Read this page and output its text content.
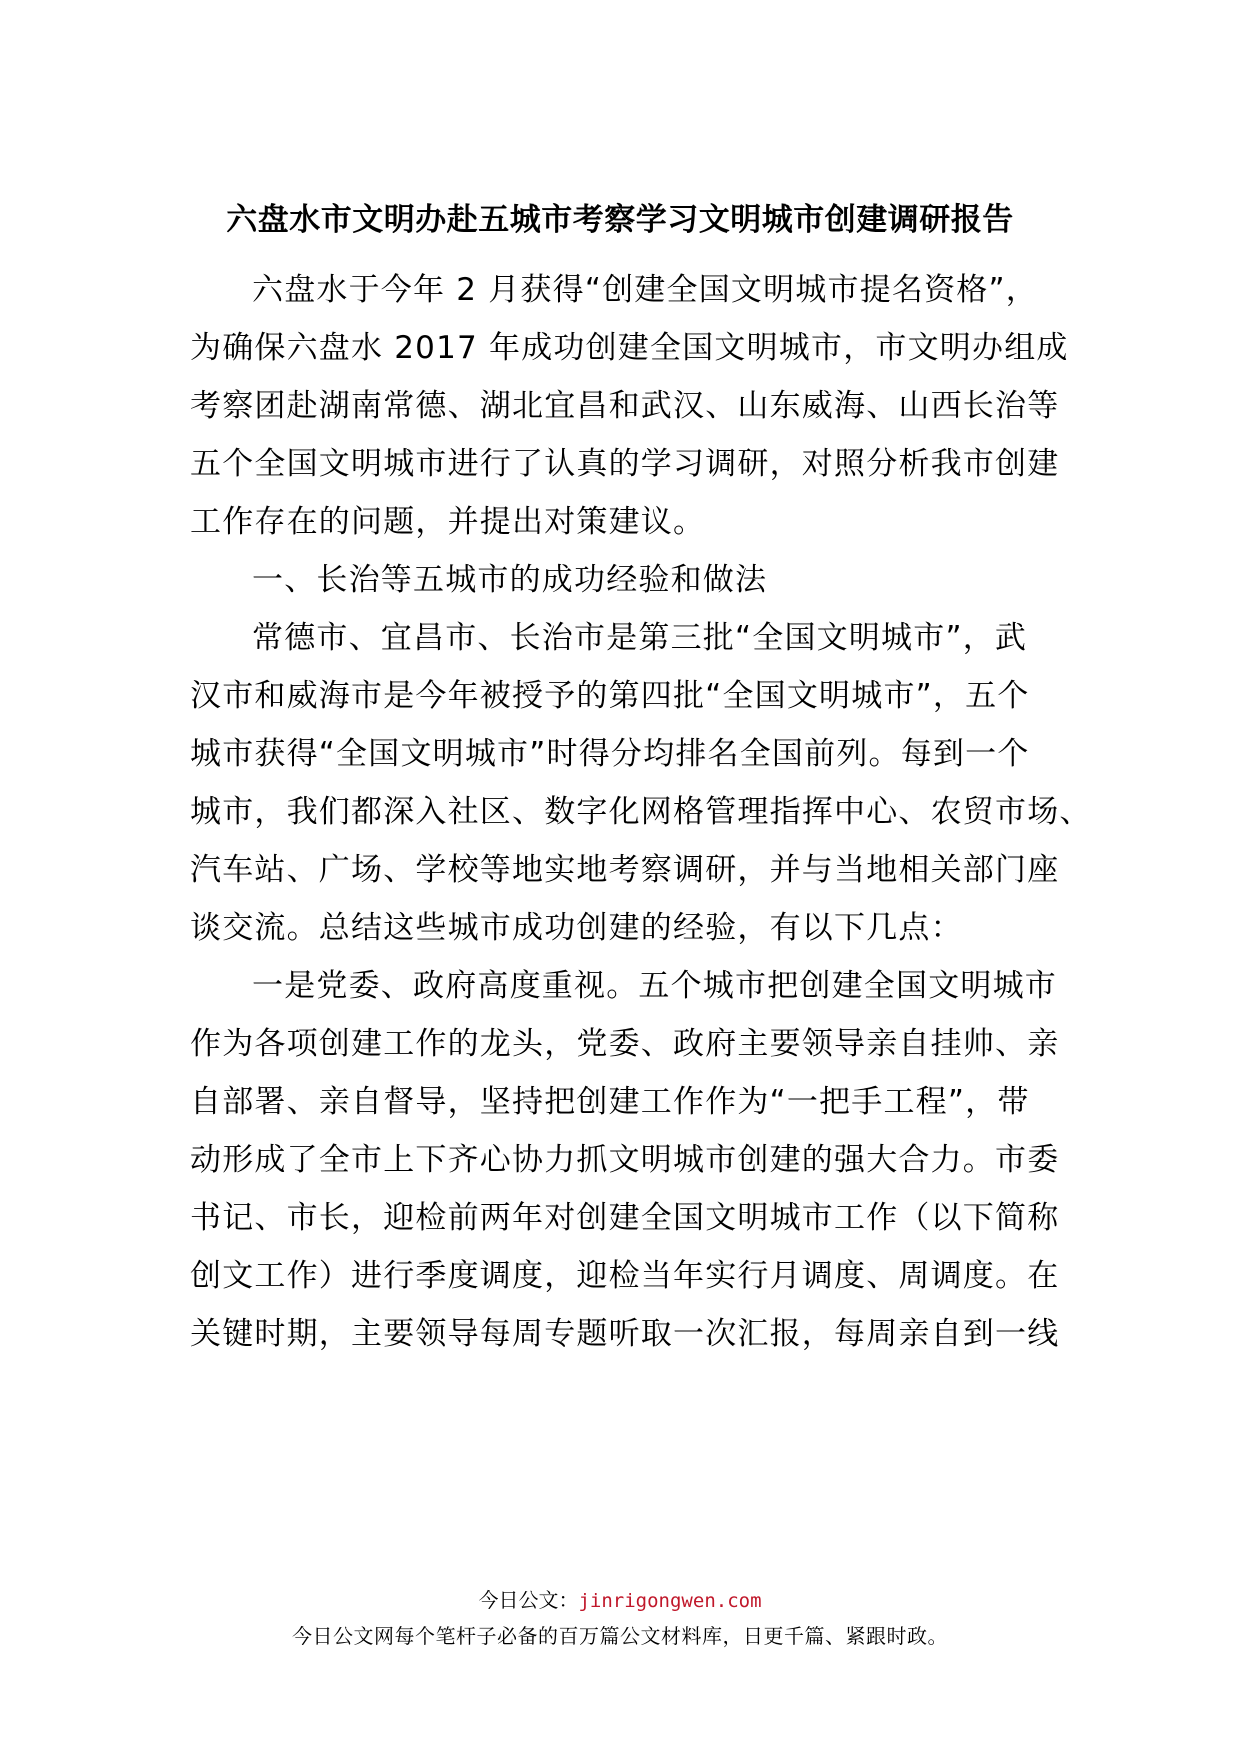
六盘水市文明办赴五城市考察学习文明城市创建调研报告
六盘水于今年 2 月获得“创建全国文明城市提名资格”，
为确保六盘水 2017 年成功创建全国文明城市，市文明办组成
考察团赴湖南常德、湖北宜昌和武汉、山东威海、山西长治等
五个全国文明城市进行了认真的学习调研，对照分析我市创建
工作存在的问题，并提出对策建议。
一、长治等五城市的成功经验和做法
常德市、宜昌市、长治市是第三批“全国文明城市”，武
汉市和威海市是今年被授予的第四批“全国文明城市”，五个
城市获得“全国文明城市”时得分均排名全国前列。每到一个
城市，我们都深入社区、数字化网格管理指挥中心、农贸市场、
汽车站、广场、学校等地实地考察调研，并与当地相关部门座
谈交流。总结这些城市成功创建的经验，有以下几点：
一是党委、政府高度重视。五个城市把创建全国文明城市
作为各项创建工作的龙头，党委、政府主要领导亲自挂帅、亲
自部署、亲自督导，坚持把创建工作作为“一把手工程”，带
动形成了全市上下齐心协力抓文明城市创建的强大合力。市委
书记、市长，迎检前两年对创建全国文明城市工作（以下简称
创文工作）进行季度调度，迎检当年实行月调度、周调度。在
关键时期，主要领导每周专题听取一次汇报，每周亲自到一线
今日公文：jinrigongwen.com
今日公文网每个笔杆子必备的百万篇公文材料库，日更千篇、紧跟时政。
